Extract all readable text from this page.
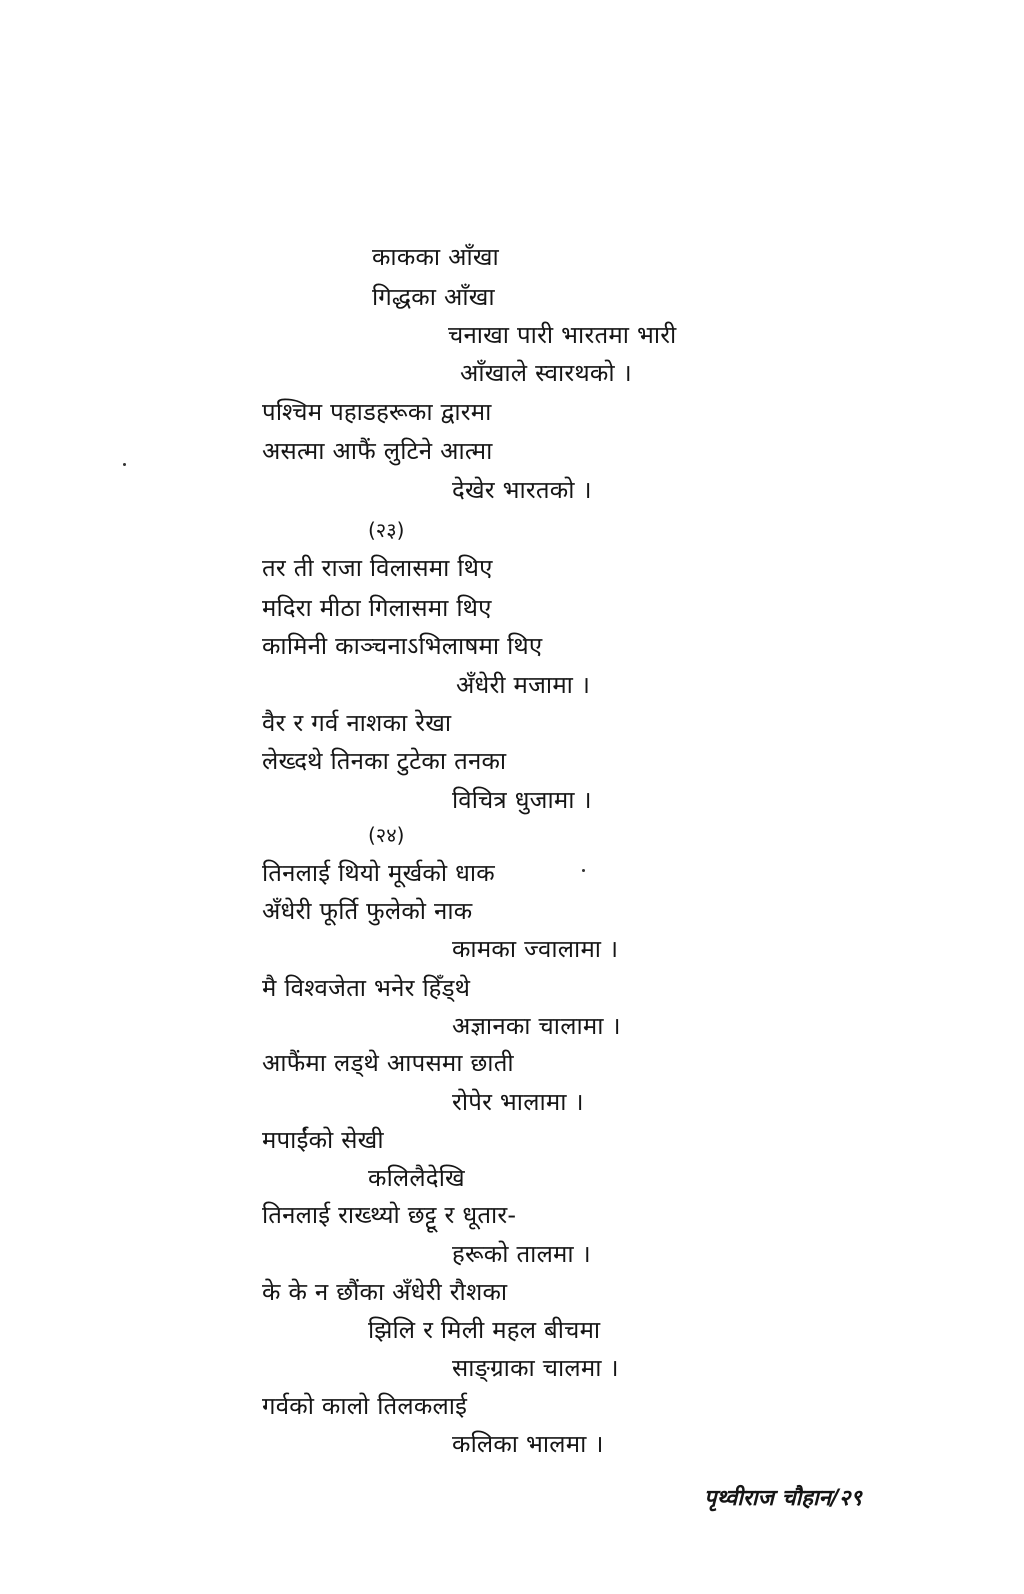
काकका आँखा
गिद्धका आँखा
चनाखा पारी भारतमा भारी
आँखाले स्वारथको ।
पश्चिम पहाडहरूका द्वारमा
असत्मा आफैं लुटिने आत्मा
देखेर भारतको ।
(२३)
तर ती राजा विलासमा थिए
मदिरा मीठा गिलासमा थिए
कामिनी काञ्चनाऽभिलाषमा थिए
अँधेरी मजामा ।
वैर र गर्व नाशका रेखा
लेख्दथे तिनका टुटेका तनका
विचित्र धुजामा ।
(२४)
तिनलाई थियो मूर्खको धाक
अँधेरी फूर्ति फुलेको नाक
कामका ज्वालामा ।
मै विश्वजेता भनेर हिँड्थे
अज्ञानका चालामा ।
आफैंमा लड्थे आपसमा छाती
रोपेर भालामा ।
मपाईंको सेखी
कलिलैदेखि
तिनलाई राख्थ्यो छट्टू र धूतार-
हरूको तालमा ।
के के न छौंका अँधेरी रौशका
झिलि र मिली महल बीचमा
साङ्ग्राका चालमा ।
गर्वको कालो तिलकलाई
कलिका भालमा ।
पृथ्वीराज चौहान/२९
